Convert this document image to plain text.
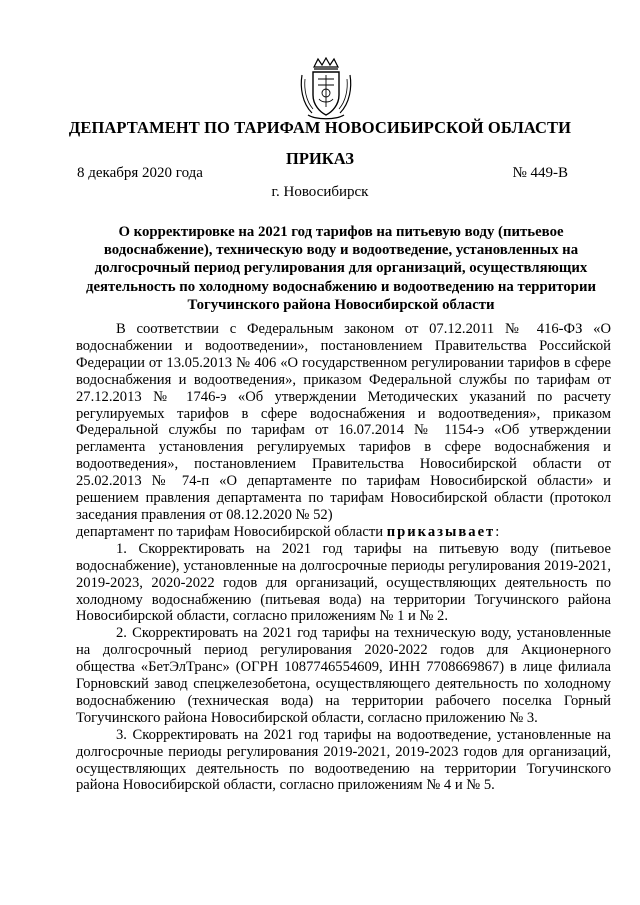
ДЕПАРТАМЕНТ ПО ТАРИФАМ НОВОСИБИРСКОЙ ОБЛАСТИ
ПРИКАЗ
8 декабря 2020 года	№ 449-В
г. Новосибирск
О корректировке на 2021 год тарифов на питьевую воду (питьевое водоснабжение), техническую воду и водоотведение, установленных на долгосрочный период регулирования для организаций, осуществляющих деятельность по холодному водоснабжению и водоотведению на территории Тогучинского района Новосибирской области

В соответствии с Федеральным законом от 07.12.2011 № 416-ФЗ «О водоснабжении и водоотведении», постановлением Правительства Российской Федерации от 13.05.2013 № 406 «О государственном регулировании тарифов в сфере водоснабжения и водоотведения», приказом Федеральной службы по тарифам от 27.12.2013 № 1746-э «Об утверждении Методических указаний по расчету регулируемых тарифов в сфере водоснабжения и водоотведения», приказом Федеральной службы по тарифам от 16.07.2014 № 1154-э «Об утверждении регламента установления регулируемых тарифов в сфере водоснабжения и водоотведения», постановлением Правительства Новосибирской области от 25.02.2013 № 74-п «О департаменте по тарифам Новосибирской области» и решением правления департамента по тарифам Новосибирской области (протокол заседания правления от 08.12.2020 № 52)

департамент по тарифам Новосибирской области приказывает:

1. Скорректировать на 2021 год тарифы на питьевую воду (питьевое водоснабжение), установленные на долгосрочные периоды регулирования 2019-2021, 2019-2023, 2020-2022 годов для организаций, осуществляющих деятельность по холодному водоснабжению (питьевая вода) на территории Тогучинского района Новосибирской области, согласно приложениям № 1 и № 2.

2. Скорректировать на 2021 год тарифы на техническую воду, установленные на долгосрочный период регулирования 2020-2022 годов для Акционерного общества «БетЭлТранс» (ОГРН 1087746554609, ИНН 7708669867) в лице филиала Горновский завод спецжелезобетона, осуществляющего деятельность по холодному водоснабжению (техническая вода) на территории рабочего поселка Горный Тогучинского района Новосибирской области, согласно приложению № 3.

3. Скорректировать на 2021 год тарифы на водоотведение, установленные на долгосрочные периоды регулирования 2019-2021, 2019-2023 годов для организаций, осуществляющих деятельность по водоотведению на территории Тогучинского района Новосибирской области, согласно приложениям № 4 и № 5.
